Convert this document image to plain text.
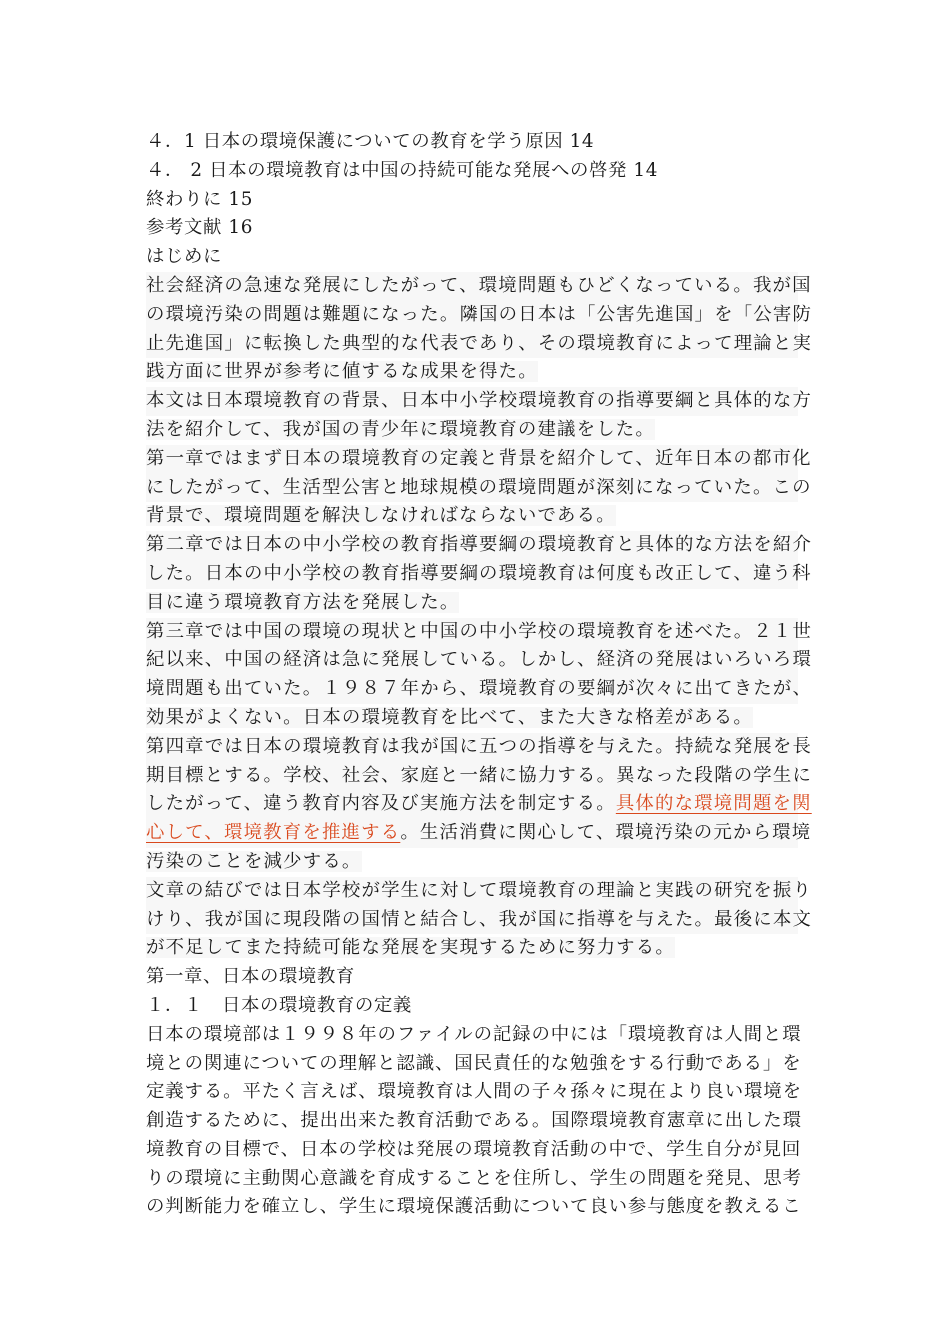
４．1 日本の環境保護についての教育を学う原因 14
４． 2 日本の環境教育は中国の持続可能な発展への啓発 14
終わりに 15
参考文献 16
はじめに
社会経済の急速な発展にしたがって、環境問題もひどくなっている。我が国
の環境汚染の問題は難題になった。隣国の日本は「公害先進国」を「公害防
止先進国」に転換した典型的な代表であり、その環境教育によって理論と実
践方面に世界が参考に値するな成果を得た。
本文は日本環境教育の背景、日本中小学校環境教育の指導要綱と具体的な方
法を紹介して、我が国の青少年に環境教育の建議をした。
第一章ではまず日本の環境教育の定義と背景を紹介して、近年日本の都市化
にしたがって、生活型公害と地球規模の環境問題が深刻になっていた。この
背景で、環境問題を解決しなければならないである。
第二章では日本の中小学校の教育指導要綱の環境教育と具体的な方法を紹介
した。日本の中小学校の教育指導要綱の環境教育は何度も改正して、違う科
目に違う環境教育方法を発展した。
第三章では中国の環境の現状と中国の中小学校の環境教育を述べた。２１世
紀以来、中国の経済は急に発展している。しかし、経済の発展はいろいろ環
境問題も出ていた。１９８７年から、環境教育の要綱が次々に出てきたが、
効果がよくない。日本の環境教育を比べて、また大きな格差がある。
第四章では日本の環境教育は我が国に五つの指導を与えた。持続な発展を長
期目標とする。学校、社会、家庭と一緒に協力する。異なった段階の学生に
したがって、違う教育内容及び実施方法を制定する。具体的な環境問題を関
心して、環境教育を推進する。生活消費に関心して、環境汚染の元から環境
汚染のことを減少する。
文章の結びでは日本学校が学生に対して環境教育の理論と実践の研究を振り
けり、我が国に現段階の国情と結合し、我が国に指導を与えた。最後に本文
が不足してまた持続可能な発展を実現するために努力する。
第一章、日本の環境教育
１．１　日本の環境教育の定義
日本の環境部は１９９８年のファイルの記録の中には「環境教育は人間と環
境との関連についての理解と認識、国民責任的な勉強をする行動である」を
定義する。平たく言えば、環境教育は人間の子々孫々に現在より良い環境を
創造するために、提出出来た教育活動である。国際環境教育憲章に出した環
境教育の目標で、日本の学校は発展の環境教育活動の中で、学生自分が見回
りの環境に主動関心意識を育成することを住所し、学生の問題を発見、思考
の判断能力を確立し、学生に環境保護活動について良い参与態度を教えるこ
